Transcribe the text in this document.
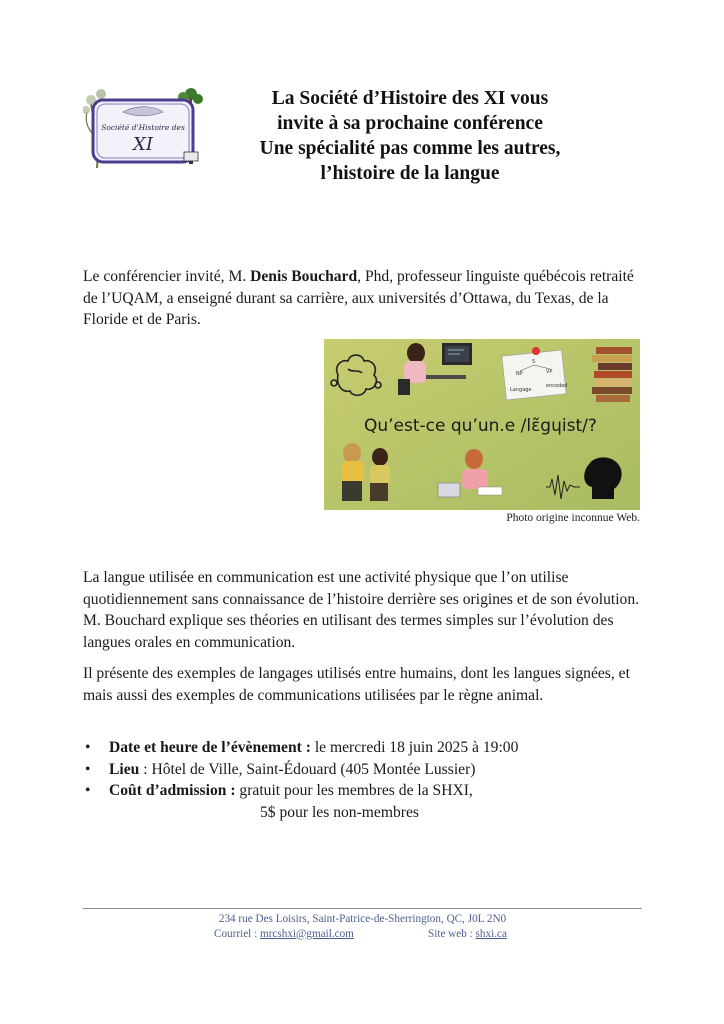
Société d'Histoire des
XI
La Société d’Histoire des XI vous
invite à sa prochaine conférence
Une spécialité pas comme les autres,
l’histoire de la langue
Le conférencier invité, M. Denis Bouchard, Phd, professeur linguiste québécois retraité de l’UQAM, a enseigné durant sa carrière, aux universités d’Ottawa, du Texas, de la Floride et de Paris.
S
NP	VP
Langage
encoded
Qu’est-ce qu’un.e /lɛ̃gɥist/?
Photo origine inconnue Web.
La langue utilisée en communication est une activité physique que l’on utilise quotidiennement sans connaissance de l’histoire derrière ses origines et de son évolution. M. Bouchard explique ses théories en utilisant des termes simples sur l’évolution des langues orales en communication.
Il présente des exemples de langages utilisés entre humains, dont les langues signées, et mais aussi des exemples de communications utilisées par le règne animal.
• Date et heure de l’évènement : le mercredi 18 juin 2025 à 19:00
• Lieu : Hôtel de Ville, Saint-Édouard (405 Montée Lussier)
• Coût d’admission : gratuit pour les membres de la SHXI,
5$ pour les non-membres
234 rue Des Loisirs, Saint-Patrice-de-Sherrington, QC, J0L 2N0
Courriel : mrcshxi@gmail.com	Site web : shxi.ca
